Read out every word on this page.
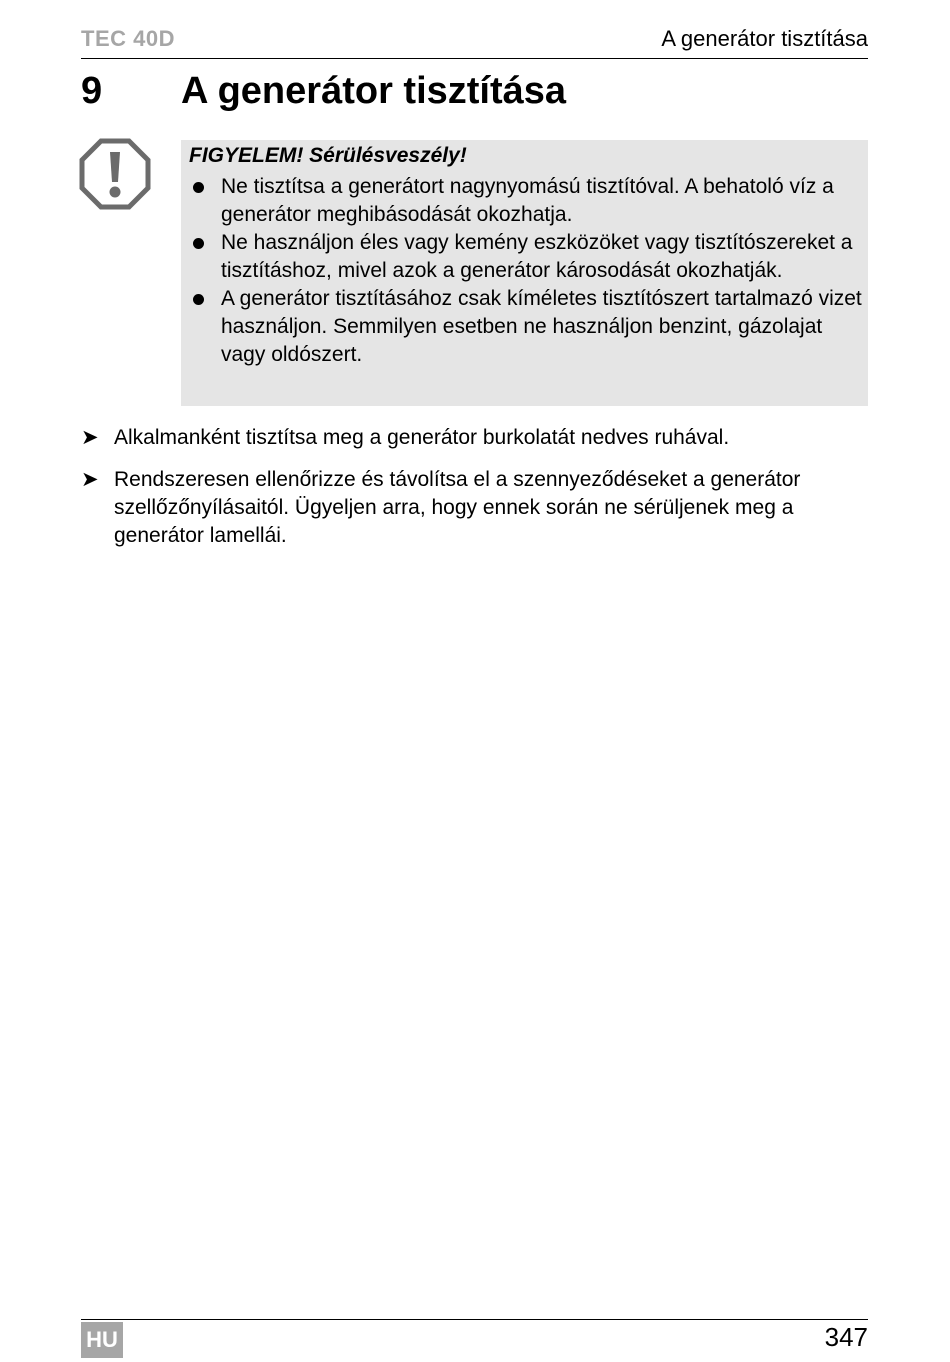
TEC 40D	A generátor tisztítása
9 A generátor tisztítása
FIGYELEM! Sérülésveszély!
Ne tisztítsa a generátort nagynyomású tisztítóval. A behatoló víz a generátor meghibásodását okozhatja.
Ne használjon éles vagy kemény eszközöket vagy tisztítószereket a tisztításhoz, mivel azok a generátor károsodását okozhatják.
A generátor tisztításához csak kíméletes tisztítószert tartalmazó vizet használjon. Semmilyen esetben ne használjon benzint, gázolajat vagy oldószert.
➤ Alkalmanként tisztítsa meg a generátor burkolatát nedves ruhával.
➤ Rendszeresen ellenőrizze és távolítsa el a szennyeződéseket a generátor szellőzőnyílásaitól. Ügyeljen arra, hogy ennek során ne sérüljenek meg a generátor lamellái.
HU	347
